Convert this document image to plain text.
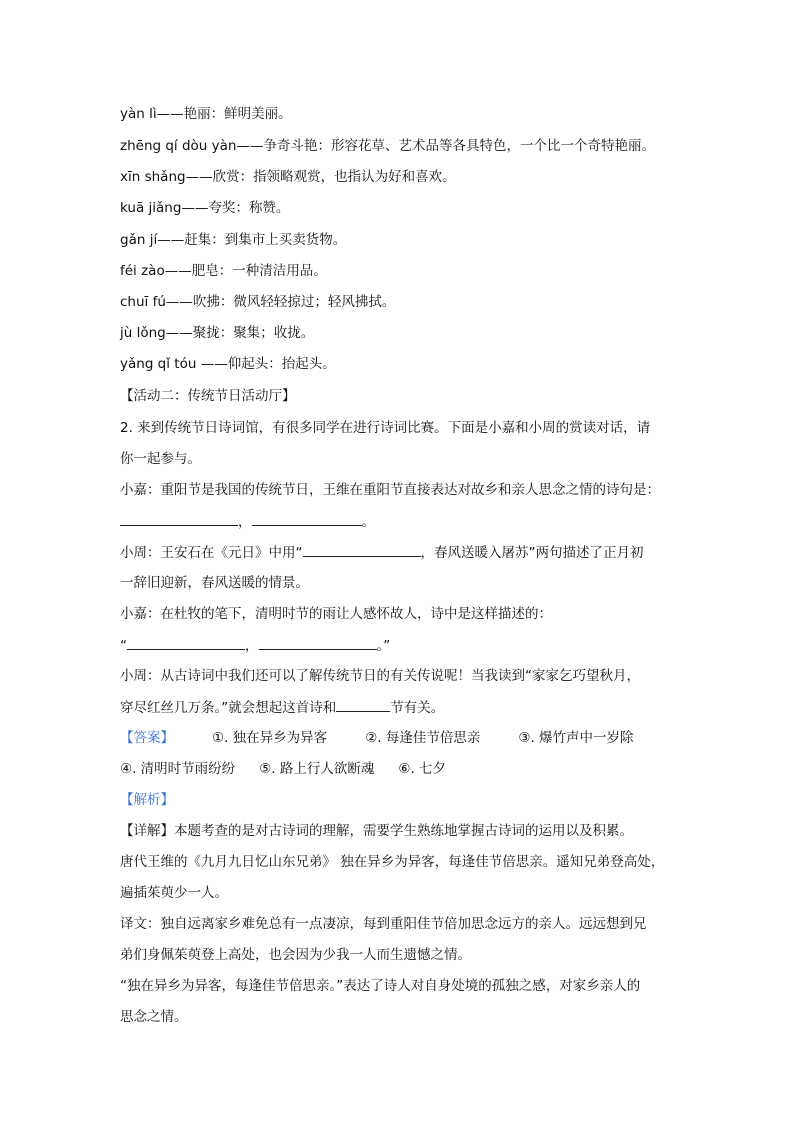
yàn lì——艳丽：鲜明美丽。
zhēng qí dòu yàn——争奇斗艳：形容花草、艺术品等各具特色，一个比一个奇特艳丽。
xīn shǎng——欣赏：指领略观赏，也指认为好和喜欢。
kuā jiǎng——夸奖：称赞。
gǎn jí——赶集：到集市上买卖货物。
féi zào——肥皂：一种清洁用品。
chuī fú——吹拂：微风轻轻掠过；轻风拂拭。
jù lǒng——聚拢：聚集；收拢。
yǎng qǐ tóu ——仰起头：抬起头。
【活动二：传统节日活动厅】
2. 来到传统节日诗词馆，有很多同学在进行诗词比赛。下面是小嘉和小周的赏读对话，请
你一起参与。
小嘉：重阳节是我国的传统节日，王维在重阳节直接表达对故乡和亲人思念之情的诗句是：
，	。
小周：王安石在《元日》中用“	，春风送暖入屠苏”两句描述了正月初
一辞旧迎新，春风送暖的情景。
小嘉：在杜牧的笔下，清明时节的雨让人感怀故人，诗中是这样描述的：
“	，	。”
小周：从古诗词中我们还可以了解传统节日的有关传说呢！当我读到“家家乞巧望秋月，
穿尽红丝几万条。”就会想起这首诗和	节有关。
【答案】	①. 独在异乡为异客	②. 每逢佳节倍思亲	③. 爆竹声中一岁除
④. 清明时节雨纷纷 ⑤. 路上行人欲断魂 ⑥. 七夕
【解析】
【详解】本题考查的是对古诗词的理解，需要学生熟练地掌握古诗词的运用以及积累。
唐代王维的《九月九日忆山东兄弟》 独在异乡为异客，每逢佳节倍思亲。遥知兄弟登高处，
遍插茱萸少一人。
译文：独自远离家乡难免总有一点凄凉，每到重阳佳节倍加思念远方的亲人。远远想到兄
弟们身佩茱萸登上高处，也会因为少我一人而生遗憾之情。
“独在异乡为异客，每逢佳节倍思亲。”表达了诗人对自身处境的孤独之感，对家乡亲人的
思念之情。
